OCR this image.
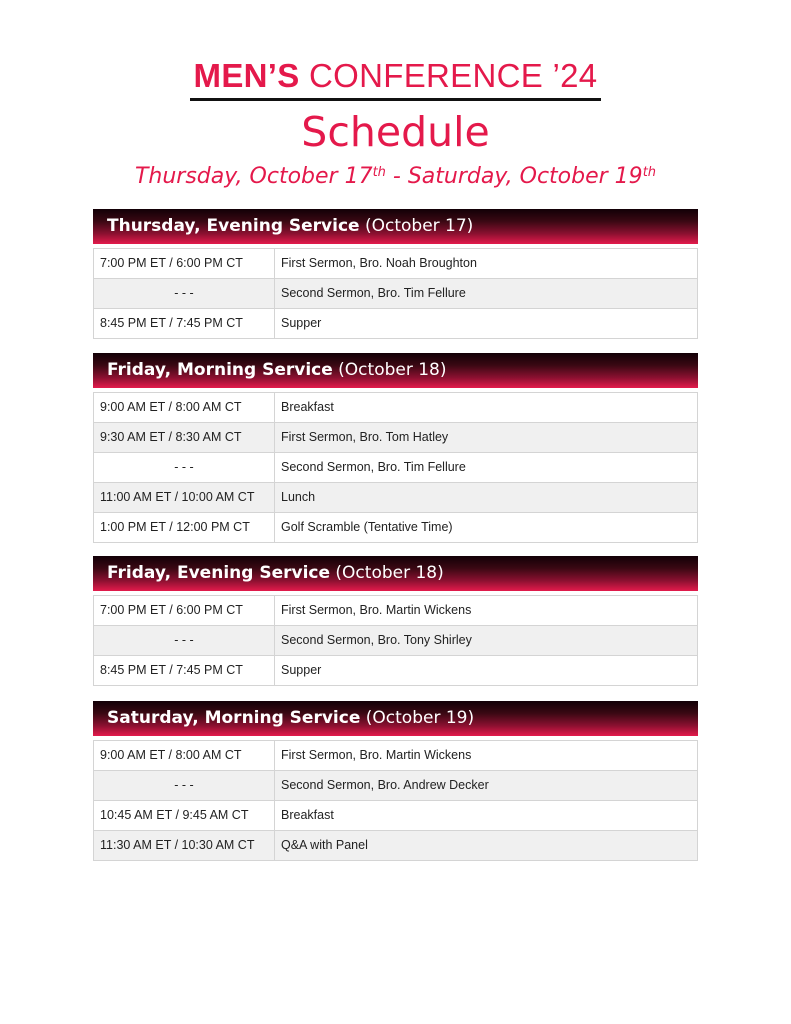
MEN’S CONFERENCE ’24
Schedule
Thursday, October 17th - Saturday, October 19th
Thursday, Evening Service (October 17)
7:00 PM ET / 6:00 PM CT	First Sermon, Bro. Noah Broughton
- - -	Second Sermon, Bro. Tim Fellure
8:45 PM ET / 7:45 PM CT	Supper
Friday, Morning Service (October 18)
9:00 AM ET / 8:00 AM CT	Breakfast
9:30 AM ET / 8:30 AM CT	First Sermon, Bro. Tom Hatley
- - -	Second Sermon, Bro. Tim Fellure
11:00 AM ET / 10:00 AM CT	Lunch
1:00 PM ET / 12:00 PM CT	Golf Scramble (Tentative Time)
Friday, Evening Service (October 18)
7:00 PM ET / 6:00 PM CT	First Sermon, Bro. Martin Wickens
- - -	Second Sermon, Bro. Tony Shirley
8:45 PM ET / 7:45 PM CT	Supper
Saturday, Morning Service (October 19)
9:00 AM ET / 8:00 AM CT	First Sermon, Bro. Martin Wickens
- - -	Second Sermon, Bro. Andrew Decker
10:45 AM ET / 9:45 AM CT	Breakfast
11:30 AM ET / 10:30 AM CT	Q&A with Panel
